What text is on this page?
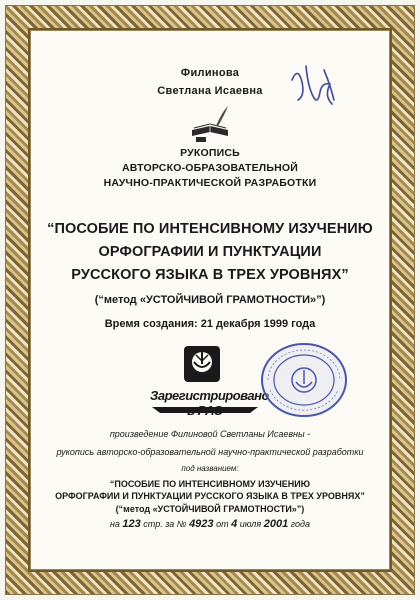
Филинова
Светлана Исаевна
РУКОПИСЬ
АВТОРСКО-ОБРАЗОВАТЕЛЬНОЙ
НАУЧНО-ПРАКТИЧЕСКОЙ РАЗРАБОТКИ
“ПОСОБИЕ ПО ИНТЕНСИВНОМУ ИЗУЧЕНИЮ
ОРФОГРАФИИ И ПУНКТУАЦИИ
РУССКОГО ЯЗЫКА В ТРЕХ УРОВНЯХ”
(“метод «УСТОЙЧИВОЙ ГРАМОТНОСТИ»”)
Время создания: 21 декабря 1999 года
Зарегистрировано
произведение Филиновой Светланы Исаевны -
рукопись авторско-образовательной научно-практической разработки
под названием:
“ПОСОБИЕ ПО ИНТЕНСИВНОМУ ИЗУЧЕНИЮ
ОРФОГРАФИИ И ПУНКТУАЦИИ РУССКОГО ЯЗЫКА В ТРЕХ УРОВНЯХ”
(“метод «УСТОЙЧИВОЙ ГРАМОТНОСТИ»”)
на 123 стр. за № 4923 от 4 июля 2001 года
